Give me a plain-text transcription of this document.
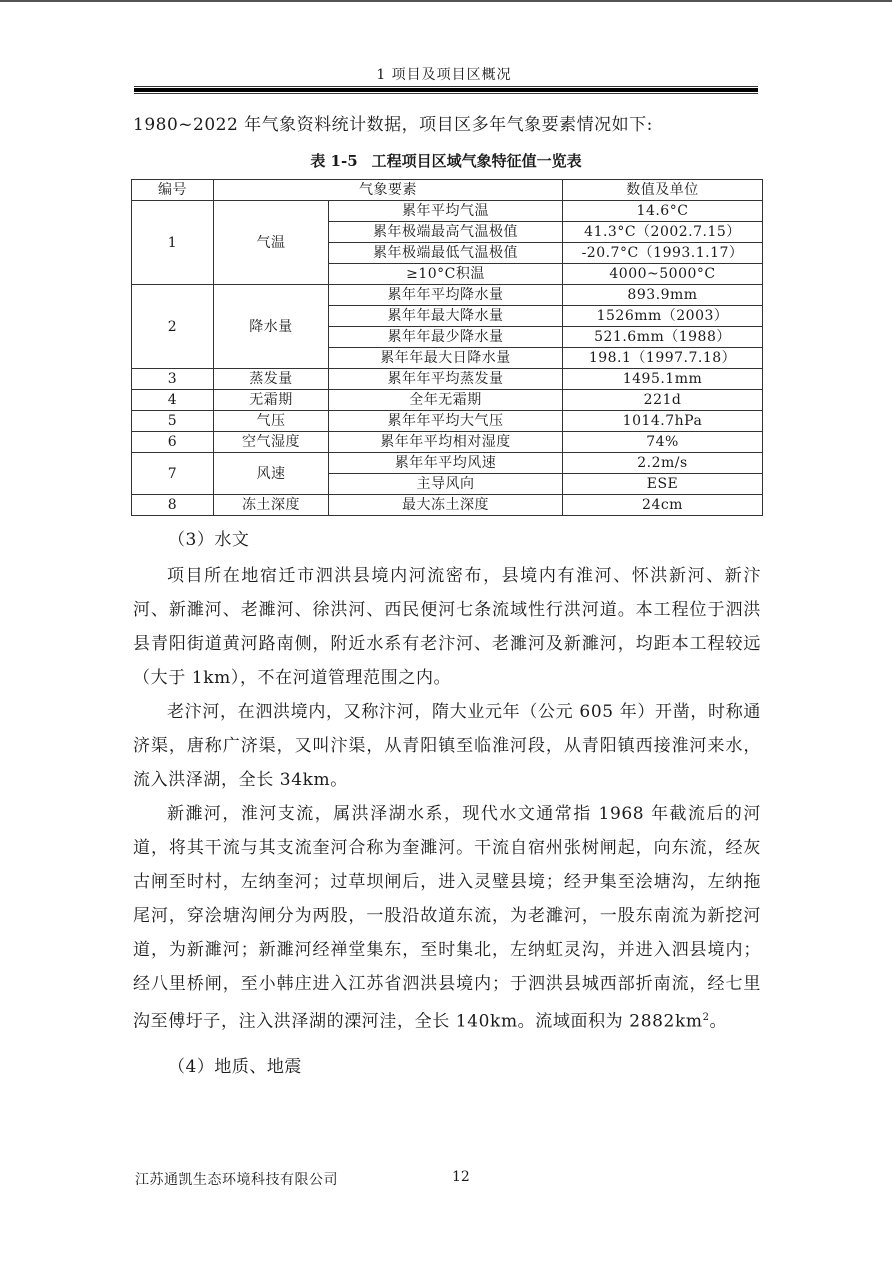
1 项目及项目区概况
1980~2022 年气象资料统计数据，项目区多年气象要素情况如下:
表 1-5 工程项目区域气象特征值一览表
编号	气象要素		数值及单位
1	气温	累年平均气温	14.6°C
		累年极端最高气温极值	41.3°C（2002.7.15）
		累年极端最低气温极值	-20.7°C（1993.1.17）
		≥10°C积温	4000~5000°C
2	降水量	累年年平均降水量	893.9mm
		累年年最大降水量	1526mm（2003）
		累年年最少降水量	521.6mm（1988）
		累年年最大日降水量	198.1（1997.7.18）
3	蒸发量	累年年平均蒸发量	1495.1mm
4	无霜期	全年无霜期	221d
5	气压	累年年平均大气压	1014.7hPa
6	空气湿度	累年年平均相对湿度	74%
7	风速	累年年平均风速	2.2m/s
		主导风向	ESE
8	冻土深度	最大冻土深度	24cm
（3）水文
项目所在地宿迁市泗洪县境内河流密布，县境内有淮河、怀洪新河、新汴河、新濉河、老濉河、徐洪河、西民便河七条流域性行洪河道。本工程位于泗洪县青阳街道黄河路南侧，附近水系有老汴河、老濉河及新濉河，均距本工程较远（大于 1km），不在河道管理范围之内。
老汴河，在泗洪境内，又称汴河，隋大业元年（公元 605 年）开凿，时称通济渠，唐称广济渠，又叫汴渠，从青阳镇至临淮河段，从青阳镇西接淮河来水，流入洪泽湖，全长 34km。
新濉河，淮河支流，属洪泽湖水系，现代水文通常指 1968 年截流后的河道，将其干流与其支流奎河合称为奎濉河。干流自宿州张树闸起，向东流，经灰古闸至时村，左纳奎河；过草坝闸后，进入灵璧县境；经尹集至浍塘沟，左纳拖尾河，穿浍塘沟闸分为两股，一股沿故道东流，为老濉河，一股东南流为新挖河道，为新濉河；新濉河经禅堂集东，至时集北，左纳虹灵沟，并进入泗县境内；经八里桥闸，至小韩庄进入江苏省泗洪县境内；于泗洪县城西部折南流，经七里沟至傅圩子，注入洪泽湖的溧河洼，全长 140km。流域面积为 $2882km^2$。
（4）地质、地震
江苏通凯生态环境科技有限公司	12
